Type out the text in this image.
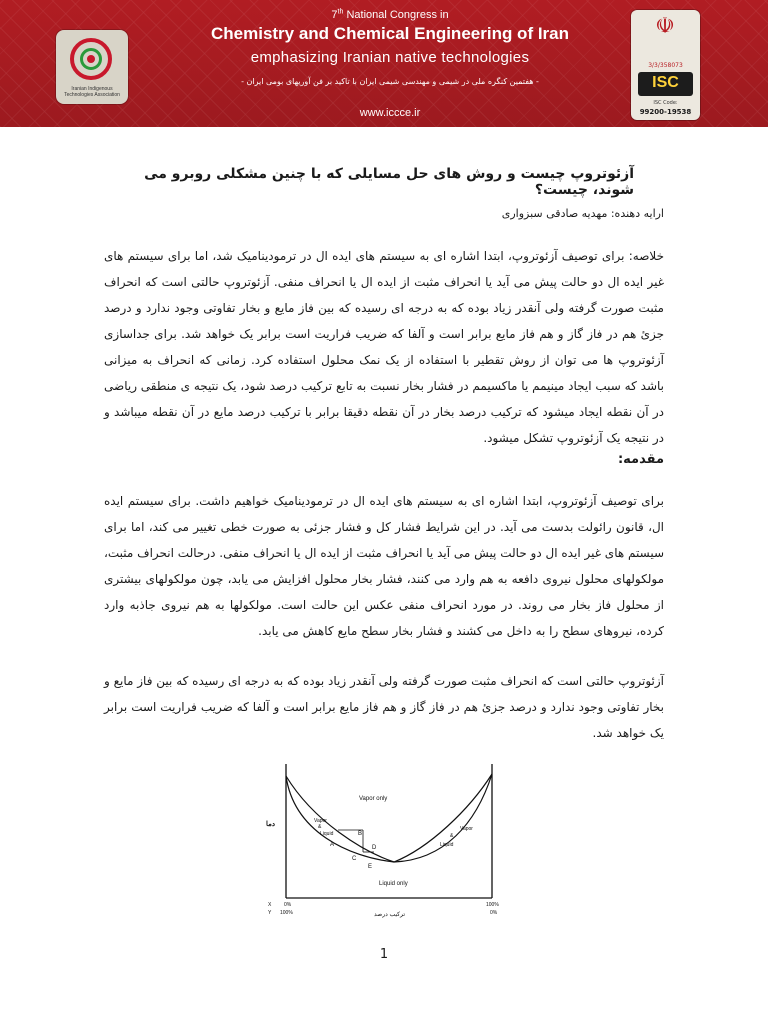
Iranian Indigenous Technologies Association
7th National Congress in
Chemistry and Chemical Engineering of Iran
emphasizing Iranian native technologies
- هفتمین کنگره ملی در شیمی و مهندسی شیمی ایران با تاکید بر فن آوریهای بومی ایران -
www.iccce.ir
☫
3/3/358073
ISC
ISC Code:
99200-19538
آزئوتروپ چیست و روش های حل مسایلی که با چنین مشکلی روبرو می شوند، چیست؟
ارایه دهنده: مهدیه صادقی سبزواری
خلاصه: برای توصیف آزئوتروپ، ابتدا اشاره ای به سیستم های ایده ال در ترمودینامیک شد، اما برای سیستم های غیر ایده ال دو حالت پیش می آید یا انحراف مثبت از ایده ال یا انحراف منفی. آزئوتروپ حالتی است که انحراف مثبت صورت گرفته ولی آنقدر زیاد بوده که به درجه ای رسیده که بین فاز مایع و بخار تفاوتی وجود ندارد و درصد جزئ هم در فاز گاز و هم فاز مایع برابر است و آلفا که ضریب فراریت است برابر یک خواهد شد. برای جداسازی آزئوتروپ ها می توان از روش تقطیر با استفاده از یک نمک محلول استفاده کرد. زمانی که انحراف به میزانی باشد که سبب ایجاد مینیمم یا ماکسیمم در فشار بخار نسبت به تابع ترکیب درصد شود، یک نتیجه ی منطقی ریاضی در آن نقطه ایجاد میشود که ترکیب درصد بخار در آن نقطه دقیقا برابر با ترکیب درصد مایع در آن نقطه میباشد و در نتیجه یک آزئوتروپ تشکل میشود.
مقدمه:
برای توصیف آزئوتروپ، ابتدا اشاره ای به سیستم های ایده ال در ترمودینامیک خواهیم داشت. برای سیستم ایده ال، قانون رائولت بدست می آید. در این شرایط فشار کل و فشار جزئی به صورت خطی تغییر می کند، اما برای سیستم های غیر ایده ال دو حالت پیش می آید یا انحراف مثبت از ایده ال یا انحراف منفی. درحالت انحراف مثبت، مولکولهای محلول نیروی دافعه به هم وارد می کنند، فشار بخار محلول افزایش می یابد، چون مولکولهای بیشتری از محلول فاز بخار می روند. در مورد انحراف منفی عکس این حالت است. مولکولها به هم نیروی جاذبه وارد کرده، نیروهای سطح را به داخل می کشند و فشار بخار سطح مایع کاهش می یابد.
آزئوتروپ حالتی است که انحراف مثبت صورت گرفته ولی آنقدر زیاد بوده که به درجه ای رسیده که بین فاز مایع و بخار تفاوتی وجود ندارد و درصد جزئ هم در فاز گاز و هم فاز مایع برابر است و آلفا که ضریب فراریت است برابر یک خواهد شد.
Vapor only
Liquid only
Vapor
&
Liquid
Vapor
&
Liquid
A
B
C
D
E
دما
ترکیب درصد
X
Y
0%
100%
100%
0%
1
